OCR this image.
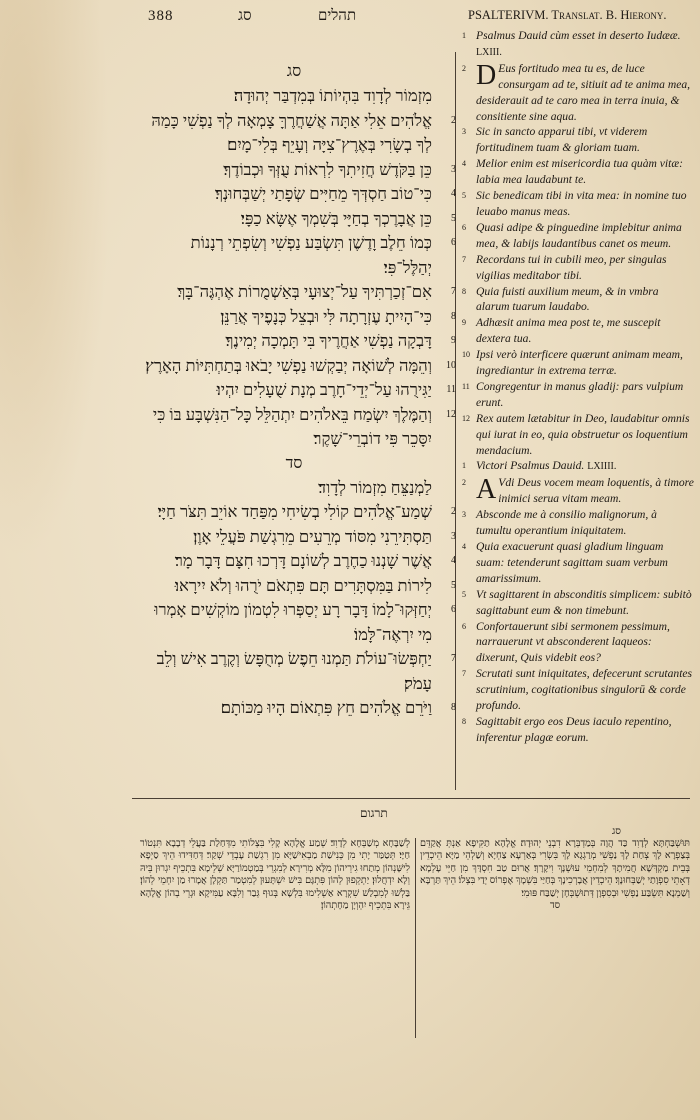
388	סג	תהלים	PSALTERIVM. Translat. B. Hierony.
סג
מִזְמוֹר לְדָוִד בִּהְיוֹתוֹ בְּמִדְבַּר יְהוּדָה׃
2
אֱלֹהִים אֵלִי אַתָּה אֲשַׁחֲרֶךָּ צָמְאָה לְךָ נַפְשִׁי כָּמַהּ לְךָ בְשָׂרִי בְּאֶרֶץ־צִיָּה וְעָיֵף בְּלִי־מָיִם׃
3
כֵּן בַּקֹּדֶשׁ חֲזִיתִךָ לִרְאוֹת עֻזְּךָ וּכְבוֹדֶךָ׃
4
כִּי־טוֹב חַסְדְּךָ מֵחַיִּים שְׂפָתַי יְשַׁבְּחוּנְךָ׃
5
כֵּן אֲבָרֶכְךָ בְחַיָּי בְּשִׁמְךָ אֶשָּׂא כַפָּי׃
6
כְּמוֹ חֵלֶב וָדֶשֶׁן תִּשְׂבַּע נַפְשִׁי וְשִׂפְתֵי רְנָנוֹת יְהַלֶּל־פִּי׃
7
אִם־זְכַרְתִּיךָ עַל־יְצוּעָי בְּאַשְׁמֻרוֹת אֶהְגֶּה־בָּךְ׃
8
כִּי־הָיִיתָ עֶזְרָתָה לִּי וּבְצֵל כְּנָפֶיךָ אֲרַנֵּן׃
9
דָּבְקָה נַפְשִׁי אַחֲרֶיךָ בִּי תָּמְכָה יְמִינֶךָ׃
10
וְהֵמָּה לְשׁוֹאָה יְבַקְשׁוּ נַפְשִׁי יָבֹאוּ בְּתַחְתִּיּוֹת הָאָרֶץ׃
11
יַגִּירֻהוּ עַל־יְדֵי־חָרֶב מְנָת שֻׁעָלִים יִהְיוּ׃
12
וְהַמֶּלֶךְ יִשְׂמַח בֵּאלֹהִים יִתְהַלֵּל כָּל־הַנִּשְׁבָּע בּוֹ כִּי יִסָּכֵר פִּי דוֹבְרֵי־שָׁקֶר׃
סד
לַמְנַצֵּחַ מִזְמוֹר לְדָוִד׃
2
שְׁמַע־אֱלֹהִים קוֹלִי בְשִׂיחִי מִפַּחַד אוֹיֵב תִּצֹּר חַיָּי׃
3
תַּסְתִּירֵנִי מִסּוֹד מְרֵעִים מֵרִגְשַׁת פֹּעֲלֵי אָוֶן׃
4
אֲשֶׁר שָׁנְנוּ כַחֶרֶב לְשׁוֹנָם דָּרְכוּ חִצָּם דָּבָר מָר׃
5
לִירוֹת בַּמִּסְתָּרִים תָּם פִּתְאֹם יֹרֻהוּ וְלֹא יִירָאוּ׃
6
יְחַזְּקוּ־לָמוֹ דָּבָר רָע יְסַפְּרוּ לִטְמוֹן מוֹקְשִׁים אָמְרוּ מִי יִרְאֶה־לָּמוֹ׃
7
יַחְפְּשׂוּ־עוֹלֹת תַּמְנוּ חֵפֶשׂ מְחֻפָּשׂ וְקֶרֶב אִישׁ וְלֵב עָמֹק׃
8
וַיֹּרֵם אֱלֹהִים חֵץ פִּתְאוֹם הָיוּ מַכּוֹתָם׃
1 Psalmus Dauid cùm esset in deserto Iudææ. LXIII.
2 D Eus fortitudo mea tu es, de luce consurgam ad te, sitiuit ad te anima mea, desiderauit ad te caro mea in terra inuia, & consitiente sine aqua.
3 Sic in sancto apparui tibi, vt viderem fortitudinem tuam & gloriam tuam.
4 Melior enim est misericordia tua quàm vitæ: labia mea laudabunt te.
5 Sic benedicam tibi in vita mea: in nomine tuo leuabo manus meas.
6 Quasi adipe & pinguedine implebitur anima mea, & labijs laudantibus canet os meum.
7 Recordans tui in cubili meo, per singulas vigilias meditabor tibi.
8 Quia fuisti auxilium meum, & in vmbra alarum tuarum laudabo.
9 Adhæsit anima mea post te, me suscepit dextera tua.
10 Ipsi verò interficere quærunt animam meam, ingrediantur in extrema terræ.
11 Congregentur in manus gladij: pars vulpium erunt.
12 Rex autem lætabitur in Deo, laudabitur omnis qui iurat in eo, quia obstruetur os loquentium mendacium.
1 Victori Psalmus Dauid. LXIIII.
2 A Vdi Deus vocem meam loquentis, à timore inimici serua vitam meam.
3 Absconde me à consilio malignorum, à tumultu operantium iniquitatem.
4 Quia exacuerunt quasi gladium linguam suam: tetenderunt sagittam suam verbum amarissimum.
5 Vt sagittarent in absconditis simplicem: subitò sagittabunt eum & non timebunt.
6 Confortauerunt sibi sermonem pessimum, narrauerunt vt absconderent laqueos: dixerunt, Quis videbit eos?
7 Scrutati sunt iniquitates, defecerunt scrutantes scrutinium, cogitationibus singulorū & corde profundo.
8 Sagittabit ergo eos Deus iaculo repentino, inferentur plagæ eorum.
תרגום
סג

תּוּשְׁבַּחְתָּא לְדָוִד כַּד הֲוָה בְּמַדְבְּרָא דִבְנֵי יְהוּדָה׃ אֱלָהָא תַקִּיפָא אַנְתְּ אֲקַדֵּם בְּצַפְרָא לָךְ צְחַת לָךְ נַפְשִׁי מְרַגְגָא לָךְ בִּשְׂרִי בְּאַרְעָא צַחְיָא וְשַׁלְהֵי מַיָּא׃ הֵיכְדֵין בְּבֵית מַקְדְּשָׁא חֲמִיתָךְ לְמִחְמֵי עוּשְׁנָךְ וִיקָרָךְ׃ אֲרוּם טַב חִסְדָּךְ מִן חַיֵּי עָלְמָא דְאָתֵי סִפְוָתַי יְשַׁבְּחוּנָךְ׃ הֵיכְדֵין אֲבָרְכִינָךְ בְּחַיַּי בִּשְׁמָךְ אֶפְרוֹס יְדַי בִּצְלוֹ׃ הֵיךְ תַּרְבָּא וְשַׁמְנָא תִּשְׂבַּע נַפְשִׁי וּבְסִפְוָן דְּתוּשְׁבְּחָן יְשַׁבַּח פּוּמִי׃

סד

לְשַׁבָּחָא מְשַׁבְּחָא לְדָוִד׃ שְׁמַע אֱלָהָא קָלִי בִּצְלוֹתִי מִדְּחַלַת בַּעֲלֵי דְבָבָא תִּנְטוֹר חַיָּי׃ תְּטַמַּר יָתִי מִן כְּנִישַׁת מַבְאִישַׁיָּא מִן רִגְשַׁת עָבְדֵי שְׁקַר׃ דְּחַדִּידוּ הֵיךְ סַיְפָא לִישָּׁנְהוֹן מְתַחוּ גִירֵיהוֹן מִלָּא מְרִירָא׃ לְמִגְרֵי בְּמַטְמוֹרַיָּא שְׁלֵימָא בִּתְכֵיף יִגְרוּן בֵּיהּ וְלָא יִדְחֲלוּן׃ יַתְקְפוּן לְהוֹן פִּתְגָּם בִּישׁ יִשְׁתָּעוּן לְמִטְמַר תַּקְלָן אֲמָרוּ מַן יִחְמֵי לְהוֹן׃ בַּלְשׁוּ לְמִבְלַשׁ שִׁקְרָא אַשְׁלִימוּ בִּלְשָׁא בְּגוּף גְּבַר וְלִבָּא עַמִּיקָא׃ וּגְרֵי בְהוֹן אֱלָהָא גֵּירָא בִּתְכֵיף יִהְוְיָן מַחָתְהוֹן׃
